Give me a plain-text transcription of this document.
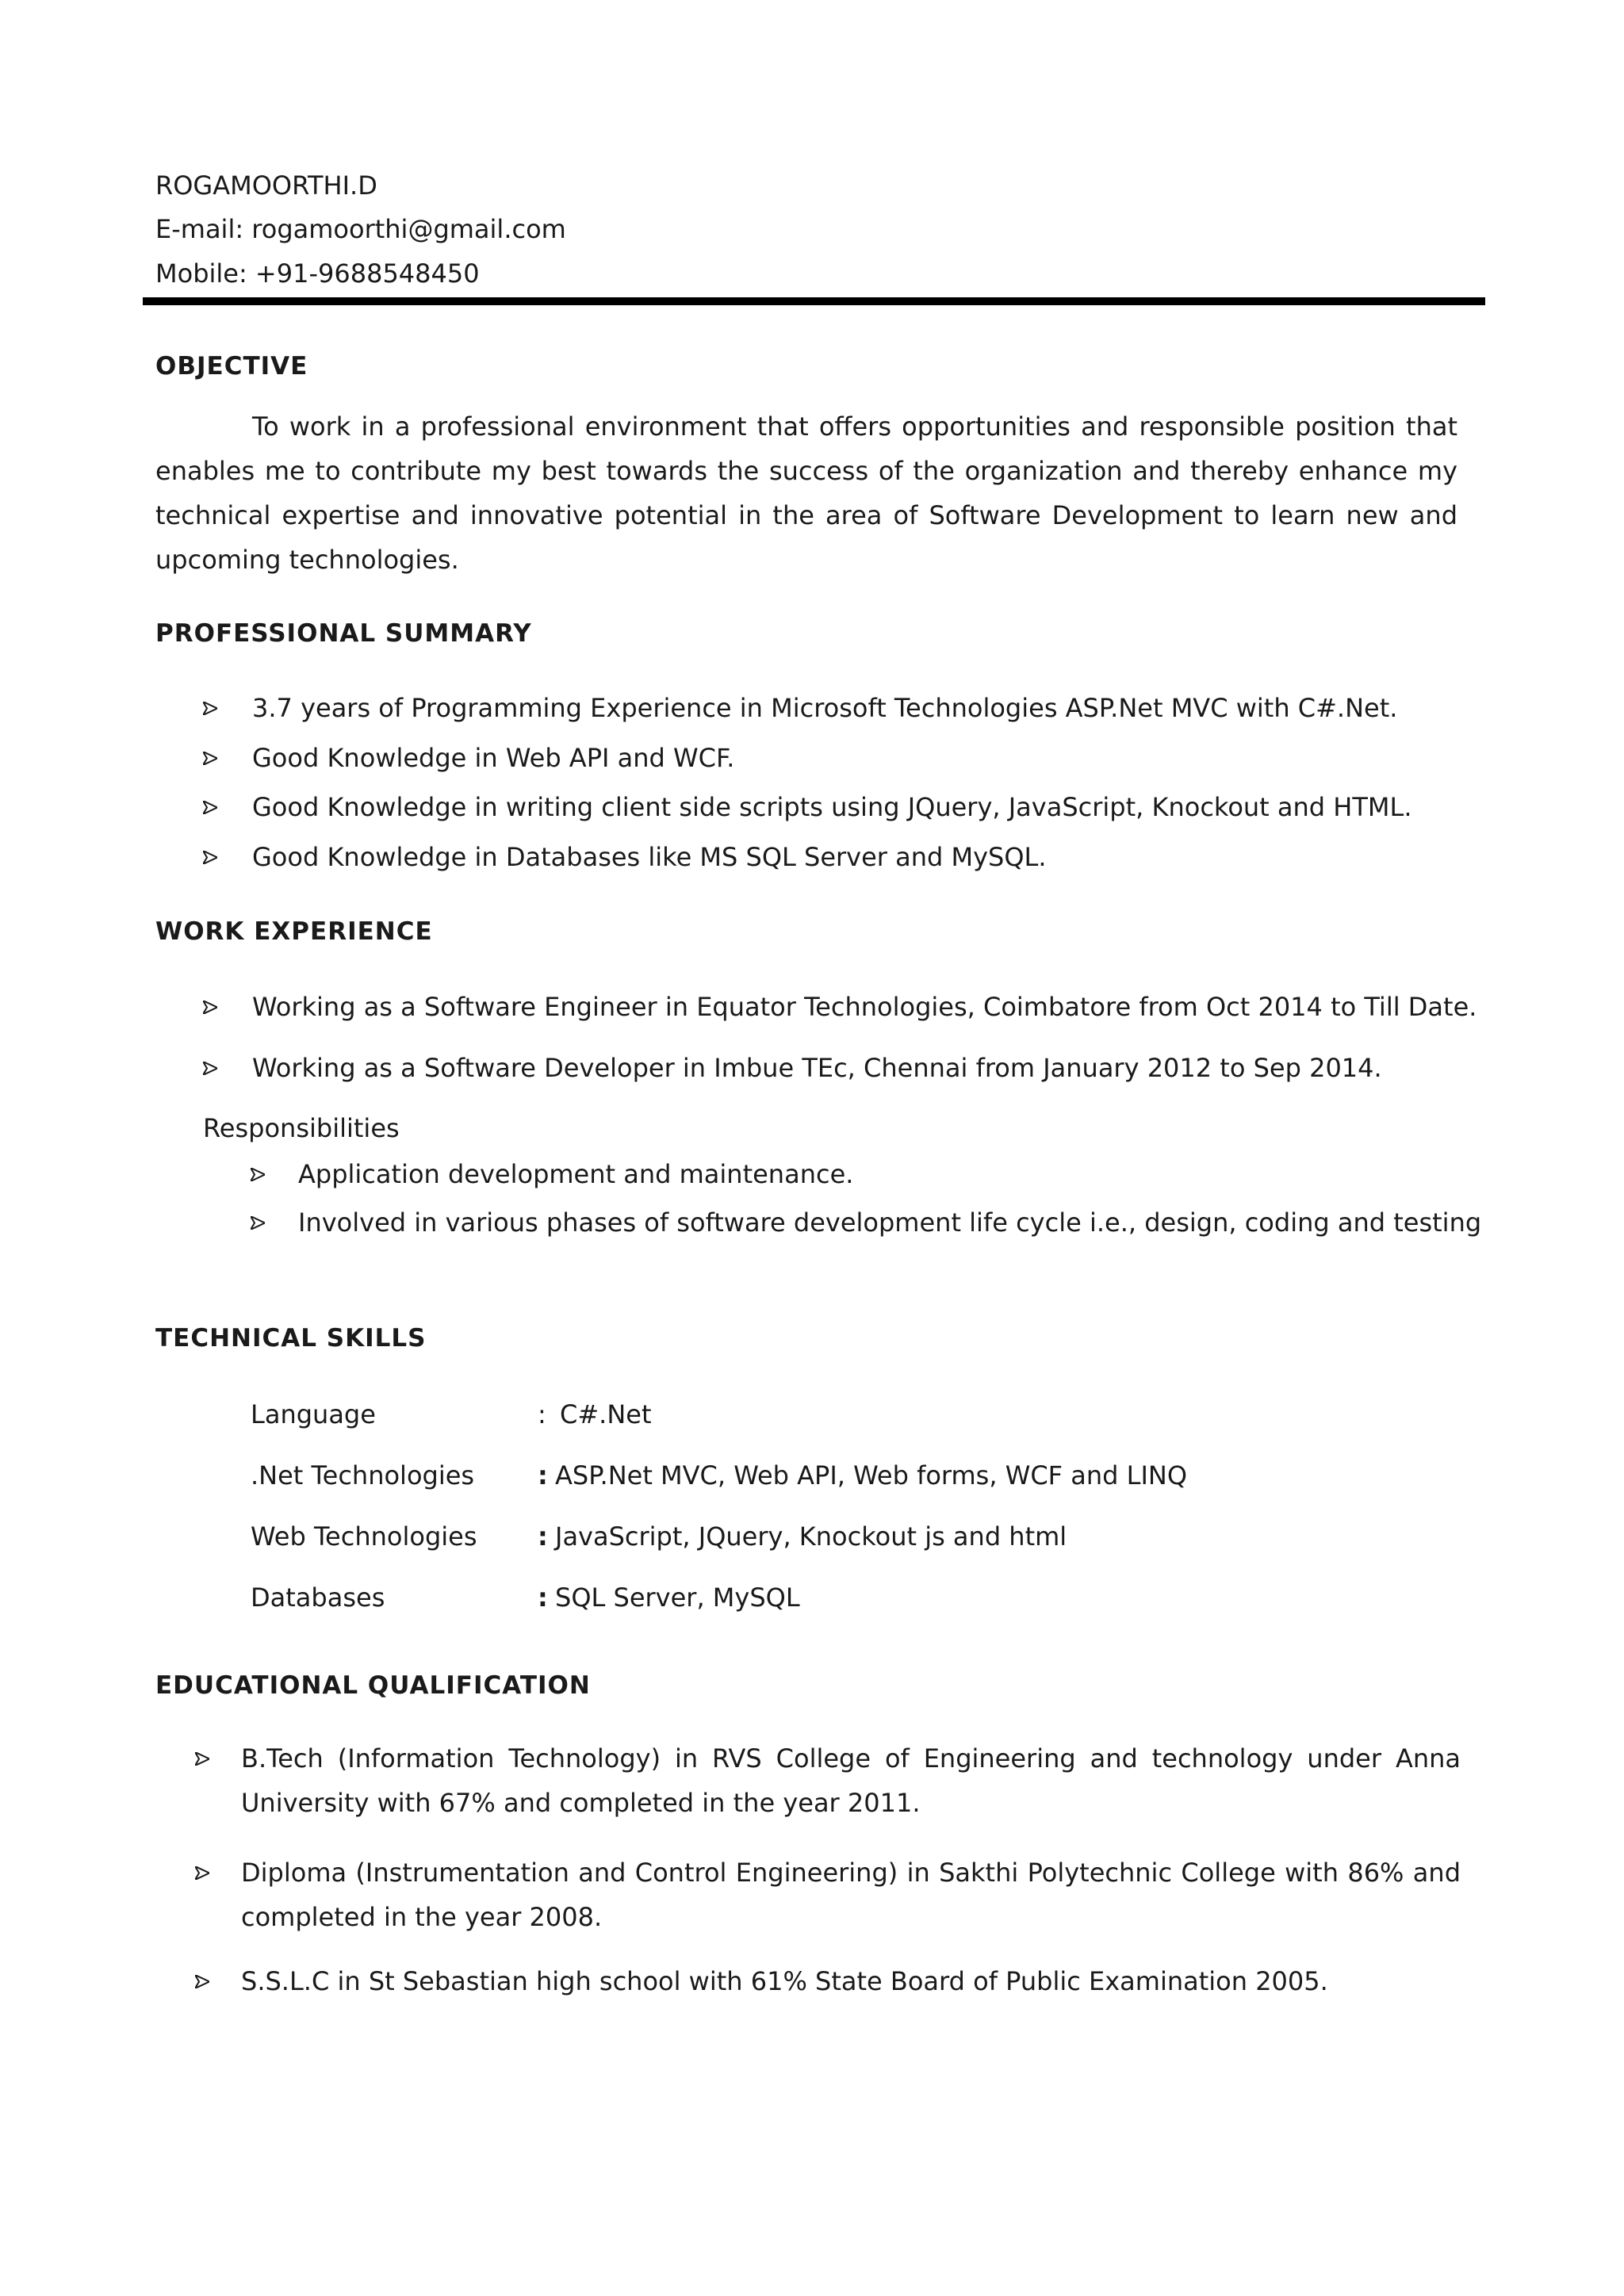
ROGAMOORTHI.D
E-mail: rogamoorthi@gmail.com
Mobile: +91-9688548450
OBJECTIVE
To work in a professional environment that offers opportunities and responsible position that enables me to contribute my best towards the success of the organization and thereby enhance my technical expertise and innovative potential in the area of Software Development to learn new and upcoming technologies.
PROFESSIONAL SUMMARY
3.7 years of Programming Experience in Microsoft Technologies ASP.Net MVC with C#.Net.
Good Knowledge in Web API and WCF.
Good Knowledge in writing client side scripts using JQuery, JavaScript, Knockout and HTML.
Good Knowledge in Databases like MS SQL Server and MySQL.
WORK EXPERIENCE
Working as a Software Engineer in Equator Technologies, Coimbatore from Oct 2014 to Till Date.
Working as a Software Developer in Imbue TEc, Chennai from January 2012 to Sep 2014.
Responsibilities
Application development and maintenance.
Involved in various phases of software development life cycle i.e., design, coding and testing
TECHNICAL SKILLS
Language	: C#.Net
.Net Technologies : ASP.Net MVC, Web API, Web forms, WCF and LINQ
Web Technologies : JavaScript, JQuery, Knockout js and html
Databases	: SQL Server, MySQL
EDUCATIONAL QUALIFICATION
B.Tech (Information Technology) in RVS College of Engineering and technology under Anna University with 67% and completed in the year 2011.
Diploma (Instrumentation and Control Engineering) in Sakthi Polytechnic College with 86% and completed in the year 2008.
S.S.L.C in St Sebastian high school with 61% State Board of Public Examination 2005.
